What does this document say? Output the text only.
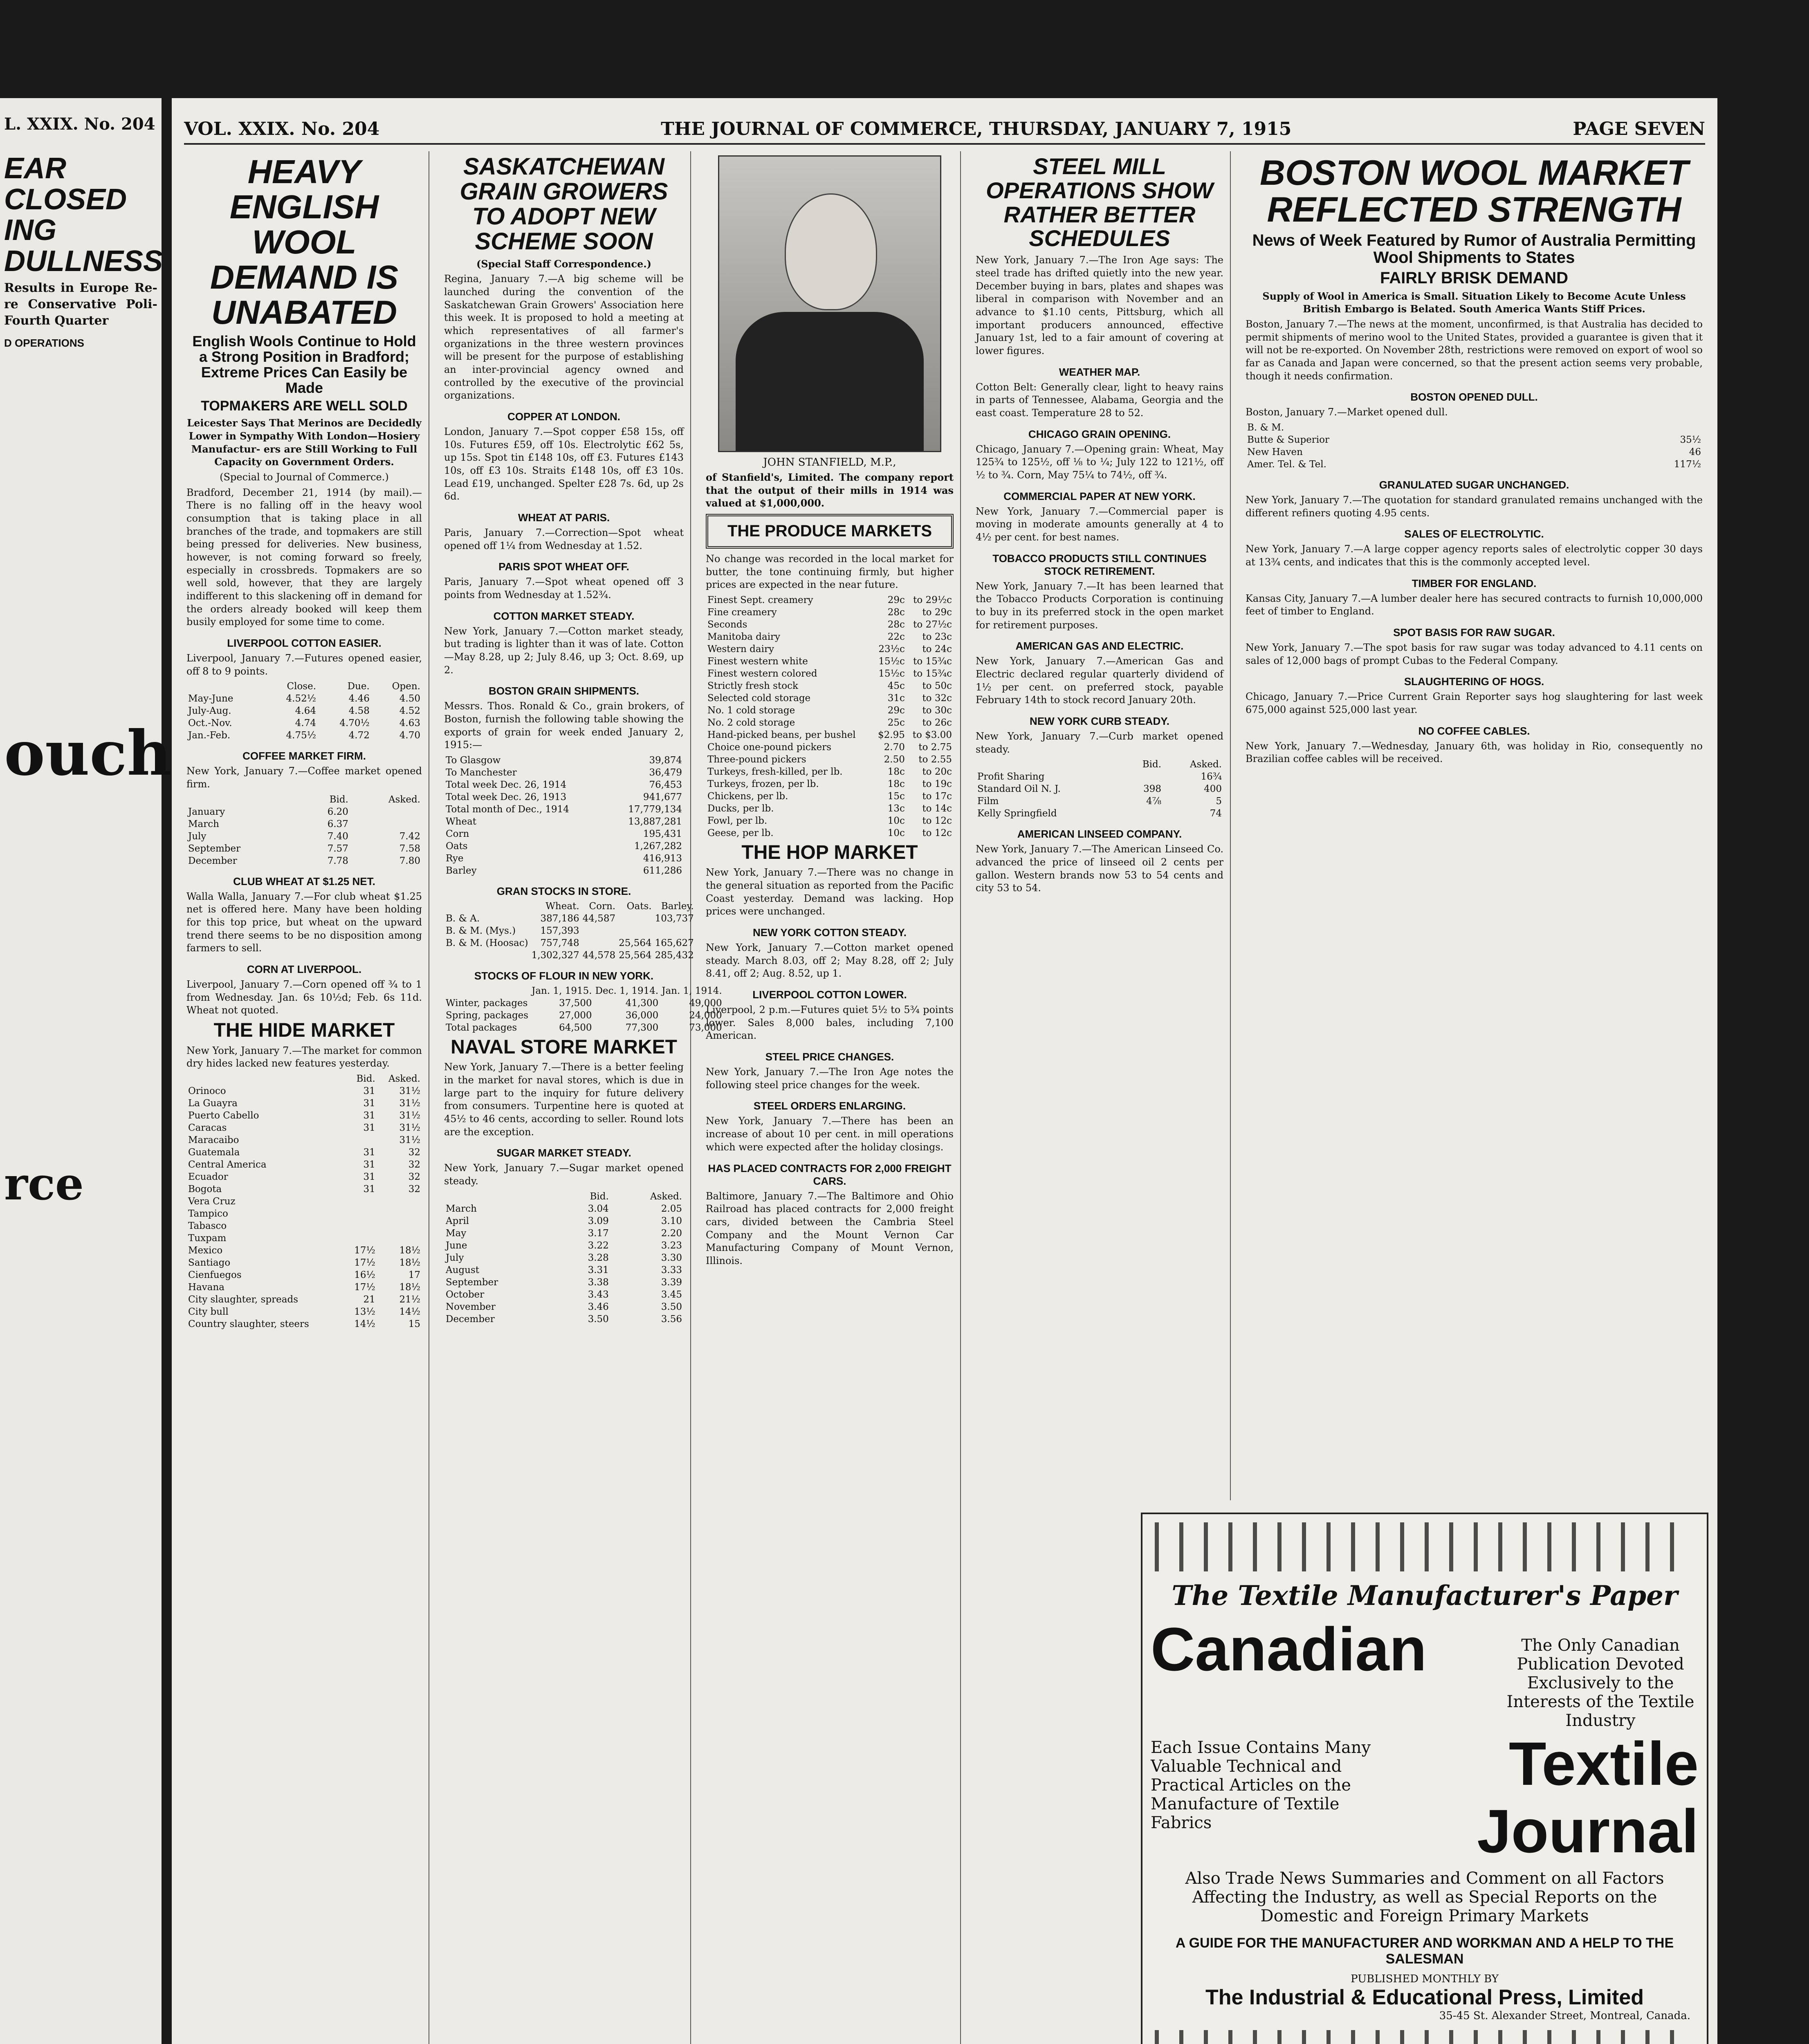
L. XXIX. No. 204
EAR CLOSED ING DULLNESS
Results in Europe Re- re Conservative Poli- Fourth Quarter
D OPERATIONS
ouch
rce
VOL. XXIX. No. 204	THE JOURNAL OF COMMERCE, THURSDAY, JANUARY 7, 1915	PAGE SEVEN
HEAVY ENGLISH WOOL DEMAND IS UNABATED
English Wools Continue to Hold a Strong Position in Bradford; Extreme Prices Can Easily be Made
TOPMAKERS ARE WELL SOLD
Leicester Says That Merinos are Decidedly Lower in Sympathy With London—Hosiery Manufactur- ers are Still Working to Full Capacity on Government Orders.
(Special to Journal of Commerce.)
Bradford, December 21, 1914 (by mail).—There is no falling off in the heavy wool consumption that is taking place in all branches of the trade, and topmakers are still being pressed for deliveries. New business, however, is not coming forward so freely, especially in crossbreds. Topmakers are so well sold, however, that they are largely indifferent to this slackening off in demand for the orders already booked will keep them busily employed for some time to come.
LIVERPOOL COTTON EASIER.
Liverpool, January 7.—Futures opened easier, off 8 to 9 points.
	Close.	Due.	Open.
May-June	4.52½	4.46	4.50
July-Aug.	4.64	4.58	4.52
Oct.-Nov.	4.74	4.70½	4.63
Jan.-Feb.	4.75½	4.72	4.70
COFFEE MARKET FIRM.
New York, January 7.—Coffee market opened firm.
	Bid.	Asked.
January	6.20	
March	6.37	
July	7.40	7.42
September	7.57	7.58
December	7.78	7.80
CLUB WHEAT AT $1.25 NET.
Walla Walla, January 7.—For club wheat $1.25 net is offered here. Many have been holding for this top price, but wheat on the upward trend there seems to be no disposition among farmers to sell.
CORN AT LIVERPOOL.
Liverpool, January 7.—Corn opened off ¾ to 1 from Wednesday. Jan. 6s 10½d; Feb. 6s 11d. Wheat not quoted.
THE HIDE MARKET
New York, January 7.—The market for common dry hides lacked new features yesterday.
	Bid.	Asked.
Orinoco	31	31½
La Guayra	31	31½
Puerto Cabello	31	31½
Caracas	31	31½
Maracaibo		31½
Guatemala	31	32
Central America	31	32
Ecuador	31	32
Bogota	31	32
Vera Cruz		
Tampico		
Tabasco		
Tuxpam		
Mexico	17½	18½
Santiago	17½	18½
Cienfuegos	16½	17
Havana	17½	18½
City slaughter, spreads	21	21½
City bull	13½	14½
Country slaughter, steers	14½	15
SASKATCHEWAN GRAIN GROWERS TO ADOPT NEW SCHEME SOON
(Special Staff Correspondence.)
Regina, January 7.—A big scheme will be launched during the convention of the Saskatchewan Grain Growers' Association here this week. It is proposed to hold a meeting at which representatives of all farmer's organizations in the three western provinces will be present for the purpose of establishing an inter-provincial agency owned and controlled by the executive of the provincial organizations.
COPPER AT LONDON.
London, January 7.—Spot copper £58 15s, off 10s. Futures £59, off 10s. Electrolytic £62 5s, up 15s. Spot tin £148 10s, off £3. Futures £143 10s, off £3 10s. Straits £148 10s, off £3 10s. Lead £19, unchanged. Spelter £28 7s. 6d, up 2s 6d.
WHEAT AT PARIS.
Paris, January 7.—Correction—Spot wheat opened off 1¼ from Wednesday at 1.52.
PARIS SPOT WHEAT OFF.
Paris, January 7.—Spot wheat opened off 3 points from Wednesday at 1.52¾.
COTTON MARKET STEADY.
New York, January 7.—Cotton market steady, but trading is lighter than it was of late. Cotton—May 8.28, up 2; July 8.46, up 3; Oct. 8.69, up 2.
BOSTON GRAIN SHIPMENTS.
Messrs. Thos. Ronald & Co., grain brokers, of Boston, furnish the following table showing the exports of grain for week ended January 2, 1915:—
To Glasgow	39,874
To Manchester	36,479
Total week Dec. 26, 1914	76,453
Total week Dec. 26, 1913	941,677
Total month of Dec., 1914	17,779,134
Wheat	13,887,281
Corn	195,431
Oats	1,267,282
Rye	416,913
Barley	611,286
GRAN STOCKS IN STORE.
	Wheat.	Corn.	Oats.	Barley.
B. & A.	387,186	44,587		103,737
B. & M. (Mys.)	157,393			
B. & M. (Hoosac)	757,748		25,564	165,627
	1,302,327	44,578	25,564	285,432
STOCKS OF FLOUR IN NEW YORK.
	Jan. 1, 1915.	Dec. 1, 1914.	Jan. 1, 1914.
Winter, packages	37,500	41,300	49,000
Spring, packages	27,000	36,000	24,000
Total packages	64,500	77,300	73,000
NAVAL STORE MARKET
New York, January 7.—There is a better feeling in the market for naval stores, which is due in large part to the inquiry for future delivery from consumers. Turpentine here is quoted at 45½ to 46 cents, according to seller. Round lots are the exception.
SUGAR MARKET STEADY.
New York, January 7.—Sugar market opened steady.
	Bid.	Asked.
March	3.04	2.05
April	3.09	3.10
May	3.17	2.20
June	3.22	3.23
July	3.28	3.30
August	3.31	3.33
September	3.38	3.39
October	3.43	3.45
November	3.46	3.50
December	3.50	3.56
JOHN STANFIELD, M.P.,
of Stanfield's, Limited. The company report that the output of their mills in 1914 was valued at $1,000,000.
THE PRODUCE MARKETS
No change was recorded in the local market for butter, the tone continuing firmly, but higher prices are expected in the near future.
Finest Sept. creamery	29c	to 29½c
Fine creamery	28c	to 29c
Seconds	28c	to 27½c
Manitoba dairy	22c	to 23c
Western dairy	23½c	to 24c
Finest western white	15½c	to 15¾c
Finest western colored	15½c	to 15¾c
Strictly fresh stock	45c	to 50c
Selected cold storage	31c	to 32c
No. 1 cold storage	29c	to 30c
No. 2 cold storage	25c	to 26c
Hand-picked beans, per bushel	$2.95	to $3.00
Choice one-pound pickers	2.70	to 2.75
Three-pound pickers	2.50	to 2.55
Turkeys, fresh-killed, per lb.	18c	to 20c
Turkeys, frozen, per lb.	18c	to 19c
Chickens, per lb.	15c	to 17c
Ducks, per lb.	13c	to 14c
Fowl, per lb.	10c	to 12c
Geese, per lb.	10c	to 12c
THE HOP MARKET
New York, January 7.—There was no change in the general situation as reported from the Pacific Coast yesterday. Demand was lacking. Hop prices were unchanged.
NEW YORK COTTON STEADY.
New York, January 7.—Cotton market opened steady. March 8.03, off 2; May 8.28, off 2; July 8.41, off 2; Aug. 8.52, up 1.
LIVERPOOL COTTON LOWER.
Liverpool, 2 p.m.—Futures quiet 5½ to 5¾ points lower. Sales 8,000 bales, including 7,100 American.
STEEL PRICE CHANGES.
New York, January 7.—The Iron Age notes the following steel price changes for the week.
STEEL ORDERS ENLARGING.
New York, January 7.—There has been an increase of about 10 per cent. in mill operations which were expected after the holiday closings.
HAS PLACED CONTRACTS FOR 2,000 FREIGHT CARS.
Baltimore, January 7.—The Baltimore and Ohio Railroad has placed contracts for 2,000 freight cars, divided between the Cambria Steel Company and the Mount Vernon Car Manufacturing Company of Mount Vernon, Illinois.
STEEL MILL OPERATIONS SHOW RATHER BETTER SCHEDULES
New York, January 7.—The Iron Age says: The steel trade has drifted quietly into the new year. December buying in bars, plates and shapes was liberal in comparison with November and an advance to $1.10 cents, Pittsburg, which all important producers announced, effective January 1st, led to a fair amount of covering at lower figures.
WEATHER MAP.
Cotton Belt: Generally clear, light to heavy rains in parts of Tennessee, Alabama, Georgia and the east coast. Temperature 28 to 52.
CHICAGO GRAIN OPENING.
Chicago, January 7.—Opening grain: Wheat, May 125¾ to 125½, off ⅛ to ¼; July 122 to 121½, off ½ to ¾. Corn, May 75¼ to 74½, off ¾.
COMMERCIAL PAPER AT NEW YORK.
New York, January 7.—Commercial paper is moving in moderate amounts generally at 4 to 4½ per cent. for best names.
TOBACCO PRODUCTS STILL CONTINUES STOCK RETIREMENT.
New York, January 7.—It has been learned that the Tobacco Products Corporation is continuing to buy in its preferred stock in the open market for retirement purposes.
AMERICAN GAS AND ELECTRIC.
New York, January 7.—American Gas and Electric declared regular quarterly dividend of 1½ per cent. on preferred stock, payable February 14th to stock record January 20th.
NEW YORK CURB STEADY.
New York, January 7.—Curb market opened steady.
	Bid.	Asked.
Profit Sharing		16¾
Standard Oil N. J.	398	400
Film	4⅞	5
Kelly Springfield		74
AMERICAN LINSEED COMPANY.
New York, January 7.—The American Linseed Co. advanced the price of linseed oil 2 cents per gallon. Western brands now 53 to 54 cents and city 53 to 54.
BOSTON WOOL MARKET REFLECTED STRENGTH
News of Week Featured by Rumor of Australia Permitting Wool Shipments to States
FAIRLY BRISK DEMAND
Supply of Wool in America is Small. Situation Likely to Become Acute Unless British Embargo is Belated. South America Wants Stiff Prices.
Boston, January 7.—The news at the moment, unconfirmed, is that Australia has decided to permit shipments of merino wool to the United States, provided a guarantee is given that it will not be re-exported. On November 28th, restrictions were removed on export of wool so far as Canada and Japan were concerned, so that the present action seems very probable, though it needs confirmation.
BOSTON OPENED DULL.
Boston, January 7.—Market opened dull.
B. & M.		
Butte & Superior		35½
New Haven		46
Amer. Tel. & Tel.		117½
GRANULATED SUGAR UNCHANGED.
New York, January 7.—The quotation for standard granulated remains unchanged with the different refiners quoting 4.95 cents.
SALES OF ELECTROLYTIC.
New York, January 7.—A large copper agency reports sales of electrolytic copper 30 days at 13¾ cents, and indicates that this is the commonly accepted level.
TIMBER FOR ENGLAND.
Kansas City, January 7.—A lumber dealer here has secured contracts to furnish 10,000,000 feet of timber to England.
SPOT BASIS FOR RAW SUGAR.
New York, January 7.—The spot basis for raw sugar was today advanced to 4.11 cents on sales of 12,000 bags of prompt Cubas to the Federal Company.
SLAUGHTERING OF HOGS.
Chicago, January 7.—Price Current Grain Reporter says hog slaughtering for last week 675,000 against 525,000 last year.
NO COFFEE CABLES.
New York, January 7.—Wednesday, January 6th, was holiday in Rio, consequently no Brazilian coffee cables will be received.
The Textile Manufacturer's Paper
Canadian	The Only Canadian Publication Devoted Exclusively to the Interests of the Textile Industry
Each Issue Contains Many Valuable Technical and Practical Articles on the Manufacture of Textile Fabrics
Textile
Journal
Also Trade News Summaries and Comment on all Factors Affecting the Industry, as well as Special Reports on the Domestic and Foreign Primary Markets
A GUIDE FOR THE MANUFACTURER AND WORKMAN AND A HELP TO THE SALESMAN
PUBLISHED MONTHLY BY
The Industrial & Educational Press, Limited
35-45 St. Alexander Street, Montreal, Canada.
